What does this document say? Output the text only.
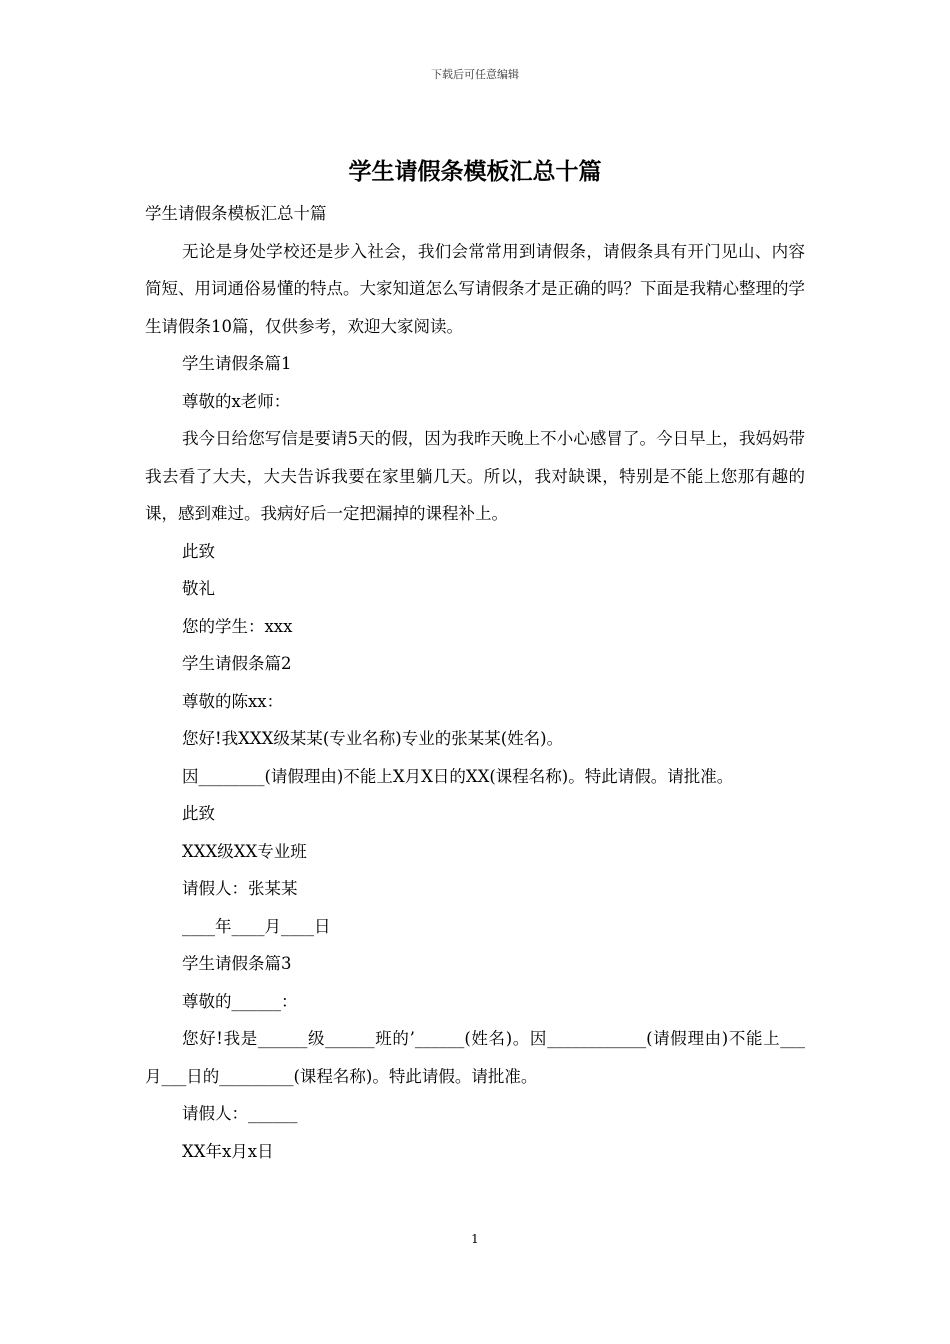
下载后可任意编辑
学生请假条模板汇总十篇

学生请假条模板汇总十篇

无论是身处学校还是步入社会，我们会常常用到请假条，请假条具有开门见山、内容简短、用词通俗易懂的特点。大家知道怎么写请假条才是正确的吗？下面是我精心整理的学生请假条10篇，仅供参考，欢迎大家阅读。

学生请假条篇1

尊敬的x老师：

我今日给您写信是要请5天的假，因为我昨天晚上不小心感冒了。今日早上，我妈妈带我去看了大夫，大夫告诉我要在家里躺几天。所以，我对缺课，特别是不能上您那有趣的课，感到难过。我病好后一定把漏掉的课程补上。

此致

敬礼

您的学生：xxx

学生请假条篇2

尊敬的陈xx：

您好!我XXX级某某(专业名称)专业的张某某(姓名)。

因________(请假理由)不能上X月X日的XX(课程名称)。特此请假。请批准。

此致

XXX级XX专业班

请假人：张某某

____年____月____日

学生请假条篇3

尊敬的______：

您好!我是______级______班的’______(姓名)。因____________(请假理由)不能上___月___日的_________(课程名称)。特此请假。请批准。

请假人：______

XX年x月x日

1
